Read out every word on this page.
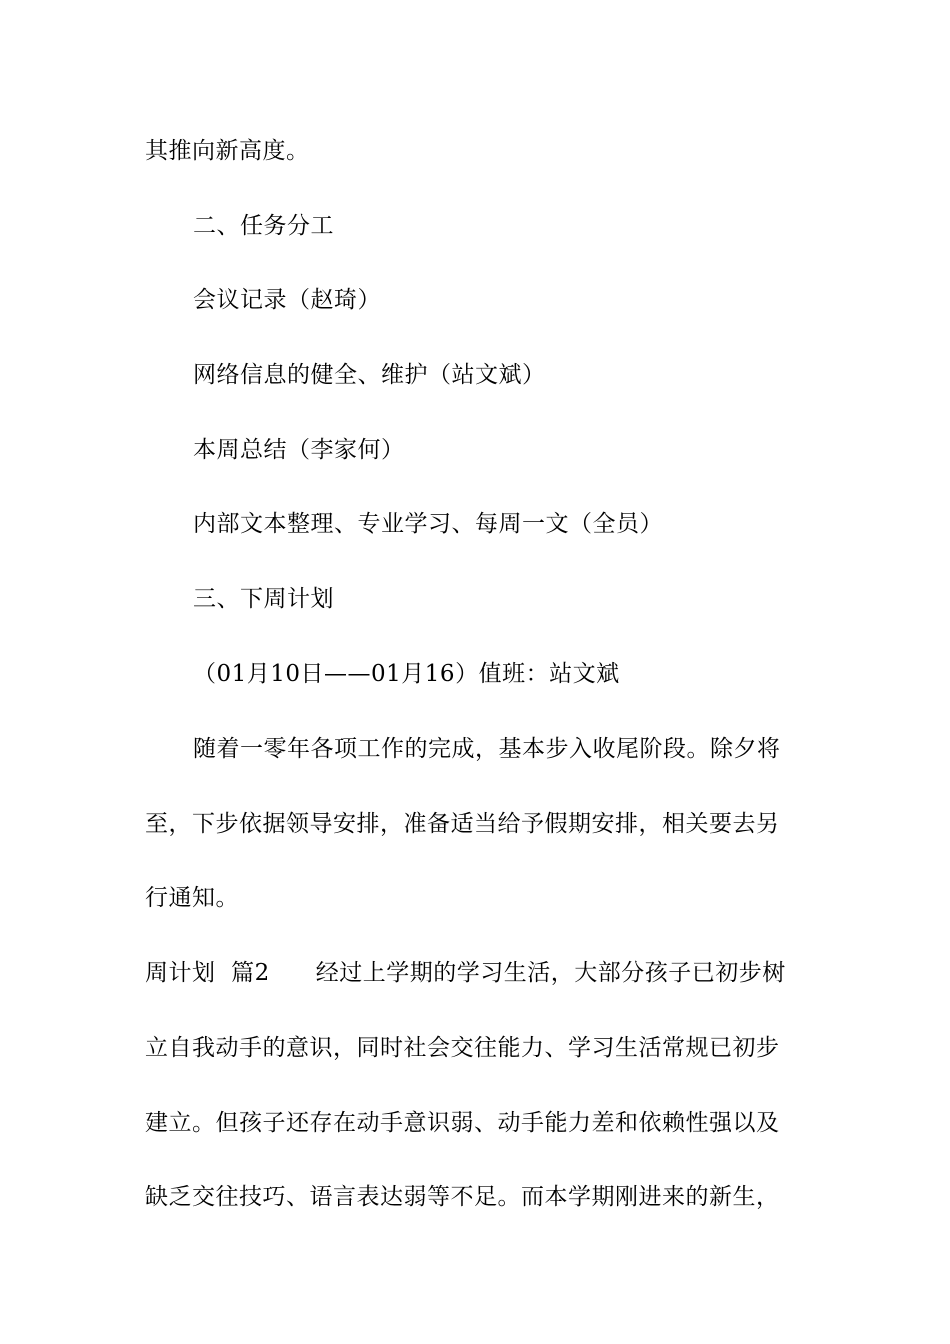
其推向新高度。
二、任务分工
会议记录（赵琦）
网络信息的健全、维护（站文斌）
本周总结（李家何）
内部文本整理、专业学习、每周一文（全员）
三、下周计划
（01月10日——01月16）值班：站文斌
随着一零年各项工作的完成，基本步入收尾阶段。除夕将
至，下步依据领导安排，准备适当给予假期安排，相关要去另
行通知。
周计划  篇2 经过上学期的学习生活，大部分孩子已初步树
立自我动手的意识，同时社会交往能力、学习生活常规已初步
建立。但孩子还存在动手意识弱、动手能力差和依赖性强以及
缺乏交往技巧、语言表达弱等不足。而本学期刚进来的新生，
